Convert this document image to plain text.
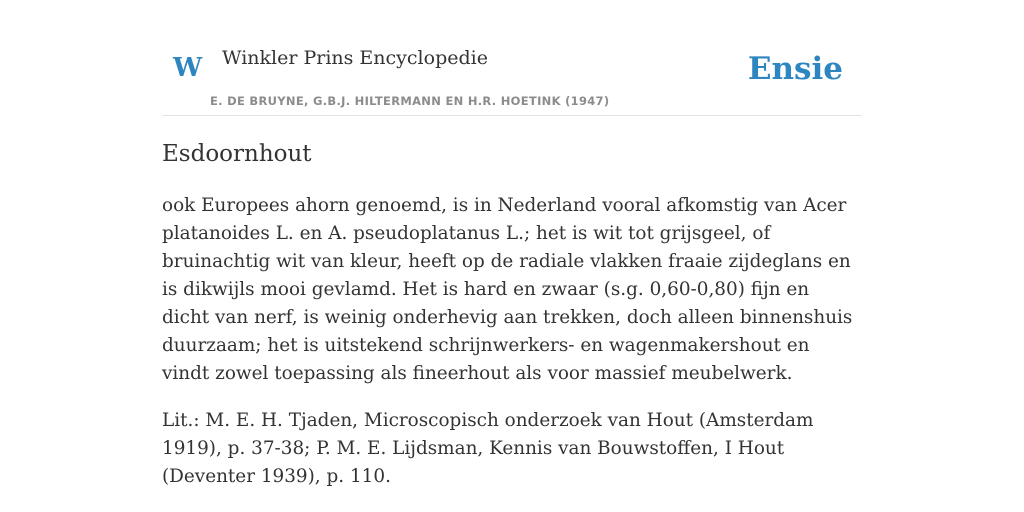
W Winkler Prins Encyclopedie
E. DE BRUYNE, G.B.J. HILTERMANN EN H.R. HOETINK (1947)
Ensie
Esdoornhout

ook Europees ahorn genoemd, is in Nederland vooral afkomstig van Acer platanoides L. en A. pseudoplatanus L.; het is wit tot grijsgeel, of bruinachtig wit van kleur, heeft op de radiale vlakken fraaie zijdeglans en is dikwijls mooi gevlamd. Het is hard en zwaar (s.g. 0,60-0,80) fijn en dicht van nerf, is weinig onderhevig aan trekken, doch alleen binnenshuis duurzaam; het is uitstekend schrijnwerkers- en wagenmakershout en vindt zowel toepassing als fineerhout als voor massief meubelwerk.

Lit.: M. E. H. Tjaden, Microscopisch onderzoek van Hout (Amsterdam 1919), p. 37-38; P. M. E. Lijdsman, Kennis van Bouwstoffen, I Hout (Deventer 1939), p. 110.
